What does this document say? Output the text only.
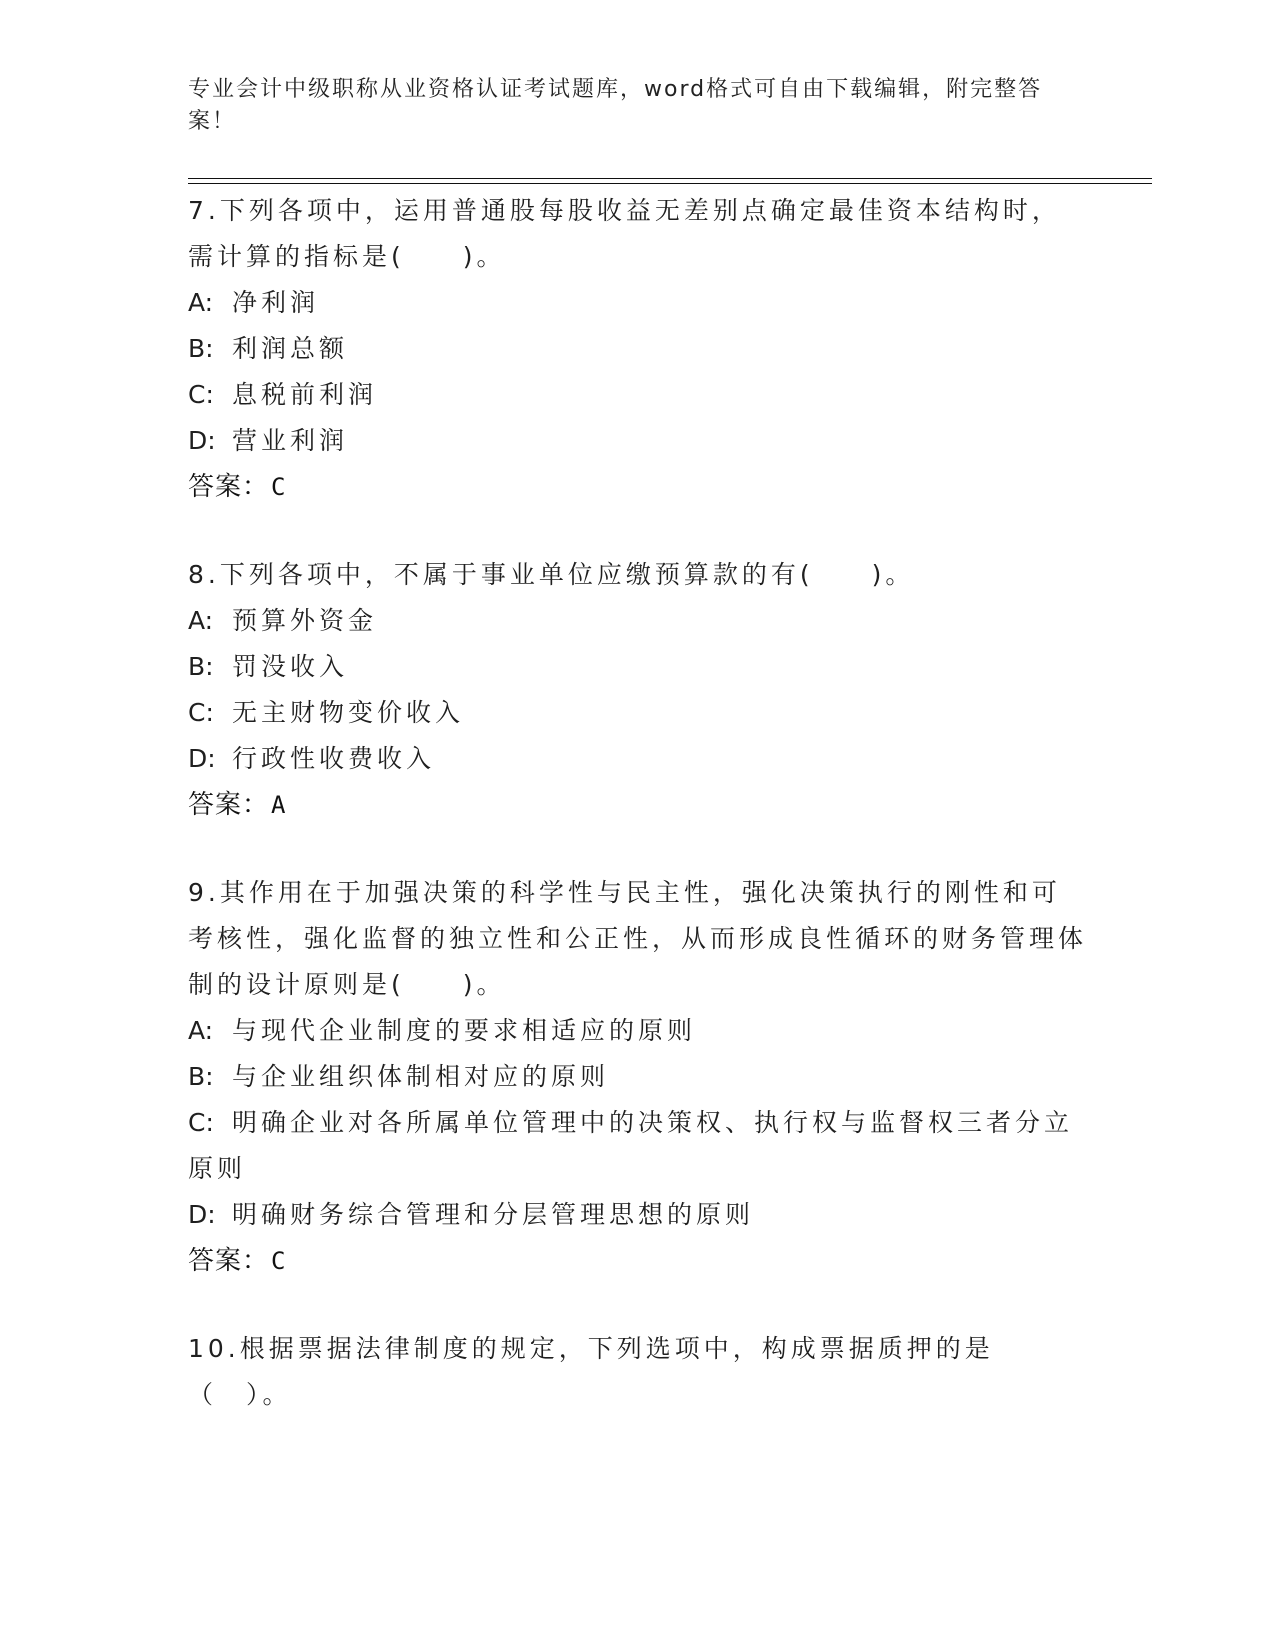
专业会计中级职称从业资格认证考试题库，word格式可自由下载编辑，附完整答案！
7.下列各项中，运用普通股每股收益无差别点确定最佳资本结构时，需计算的指标是(　　)。
A: 净利润
B: 利润总额
C: 息税前利润
D: 营业利润
答案：C
8.下列各项中，不属于事业单位应缴预算款的有(　　)。
A: 预算外资金
B: 罚没收入
C: 无主财物变价收入
D: 行政性收费收入
答案：A
9.其作用在于加强决策的科学性与民主性，强化决策执行的刚性和可考核性，强化监督的独立性和公正性，从而形成良性循环的财务管理体制的设计原则是(　　)。
A: 与现代企业制度的要求相适应的原则
B: 与企业组织体制相对应的原则
C: 明确企业对各所属单位管理中的决策权、执行权与监督权三者分立原则
D: 明确财务综合管理和分层管理思想的原则
答案：C
10.根据票据法律制度的规定，下列选项中，构成票据质押的是（　）。
